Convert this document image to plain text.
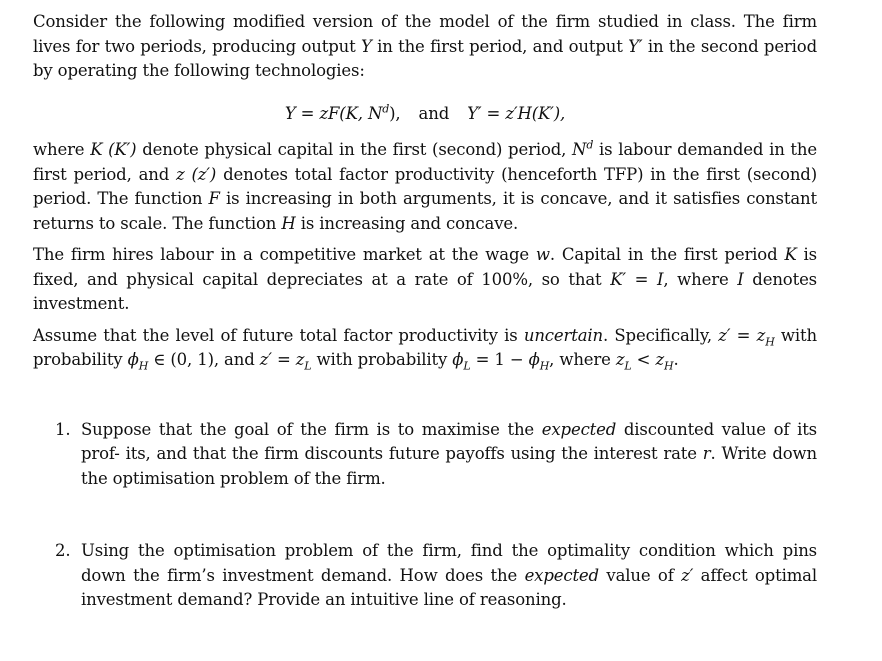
Consider the following modified version of the model of the firm studied in class. The firm lives for two periods, producing output Y in the first period, and output Y′ in the second period by operating the following technologies:

Y = zF(K, $N^d$), and Y′ = z′H(K′),

where K (K′) denote physical capital in the first (second) period, $N^d$ is labour demanded in the first period, and z (z′) denotes total factor productivity (henceforth TFP) in the first (second) period. The function F is increasing in both arguments, it is concave, and it satisfies constant returns to scale. The function H is increasing and concave.

The firm hires labour in a competitive market at the wage w. Capital in the first period K is fixed, and physical capital depreciates at a rate of 100%, so that K′ = I, where I denotes investment.

Assume that the level of future total factor productivity is uncertain. Specifically, $z' = z_H$ with probability $\phi_H$ ∈ (0, 1), and $z' = z_L$ with probability $\phi_L = 1 - \phi_H$, where $z_L < z_H$.

1. Suppose that the goal of the firm is to maximise the expected discounted value of its prof- its, and that the firm discounts future payoffs using the interest rate r. Write down the optimisation problem of the firm.
2. Using the optimisation problem of the firm, find the optimality condition which pins down the firm’s investment demand. How does the expected value of z′ affect optimal investment demand? Provide an intuitive line of reasoning.
